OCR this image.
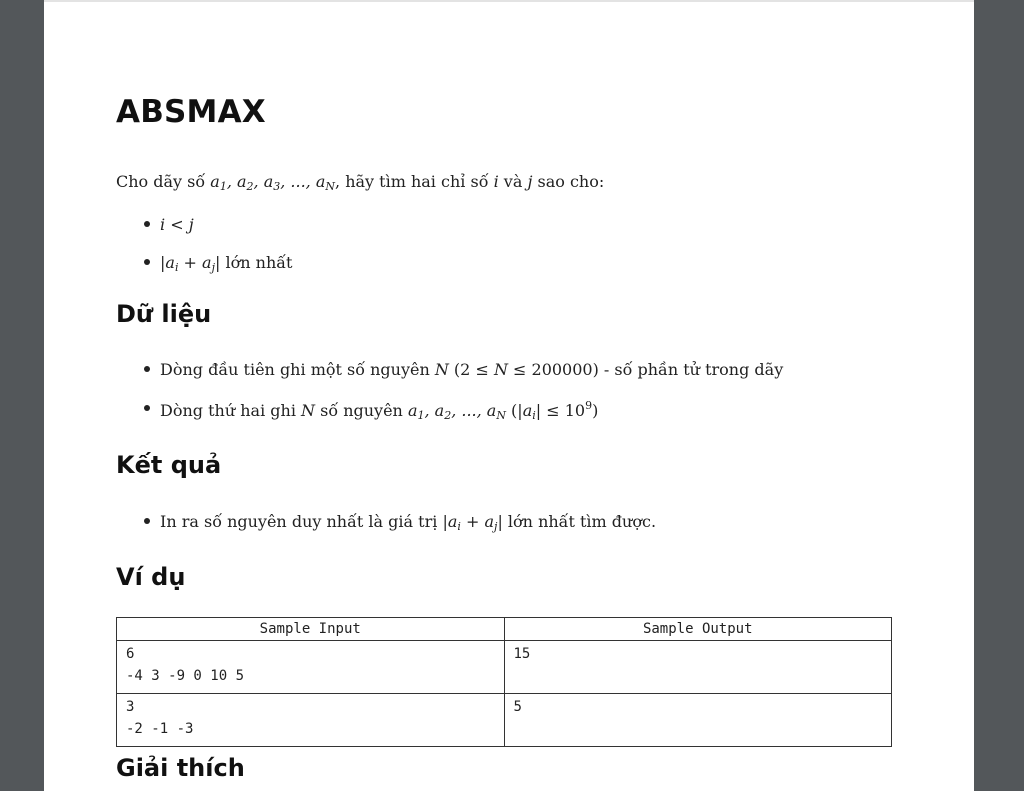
ABSMAX
Cho dãy số $a_1$, $a_2$, $a_3$, ..., $a_N$, hãy tìm hai chỉ số i và j sao cho:
i < j
$|a_i + a_j|$ lớn nhất
Dữ liệu
Dòng đầu tiên ghi một số nguyên N (2 ≤ N ≤ 200000) - số phần tử trong dãy
Dòng thứ hai ghi N số nguyên $a_1$, $a_2$, ..., $a_N$ $(|a_i| \le 10^9)$
Kết quả
In ra số nguyên duy nhất là giá trị $|a_i + a_j|$ lớn nhất tìm được.
Ví dụ
Sample Input	Sample Output

6
-4 3 -9 0 10 5	15

3
-2 -1 -3	5
Giải thích
